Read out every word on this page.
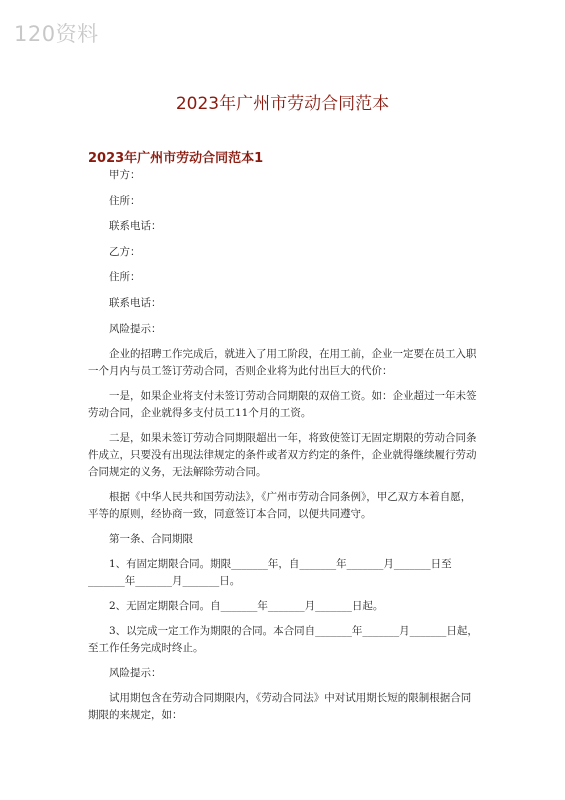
120资料
2023年广州市劳动合同范本
2023年广州市劳动合同范本1

甲方：

住所：

联系电话：

乙方：

住所：

联系电话：

风险提示：

企业的招聘工作完成后，就进入了用工阶段，在用工前，企业一定要在员工入职一个月内与员工签订劳动合同，否则企业将为此付出巨大的代价：

一是，如果企业将支付未签订劳动合同期限的双倍工资。如：企业超过一年未签劳动合同，企业就得多支付员工11个月的工资。

二是，如果未签订劳动合同期限超出一年，将致使签订无固定期限的劳动合同条件成立，只要没有出现法律规定的条件或者双方约定的条件，企业就得继续履行劳动合同规定的义务，无法解除劳动合同。

根据《中华人民共和国劳动法》，《广州市劳动合同条例》，甲乙双方本着自愿，平等的原则，经协商一致，同意签订本合同，以便共同遵守。

第一条、合同期限

1、有固定期限合同。期限_______年，自_______年_______月_______日至_______年_______月_______日。

2、无固定期限合同。自_______年_______月_______日起。

3、以完成一定工作为期限的合同。本合同自_______年_______月_______日起，至工作任务完成时终止。

风险提示：

试用期包含在劳动合同期限内，《劳动合同法》中对试用期长短的限制根据合同期限的来规定，如：
